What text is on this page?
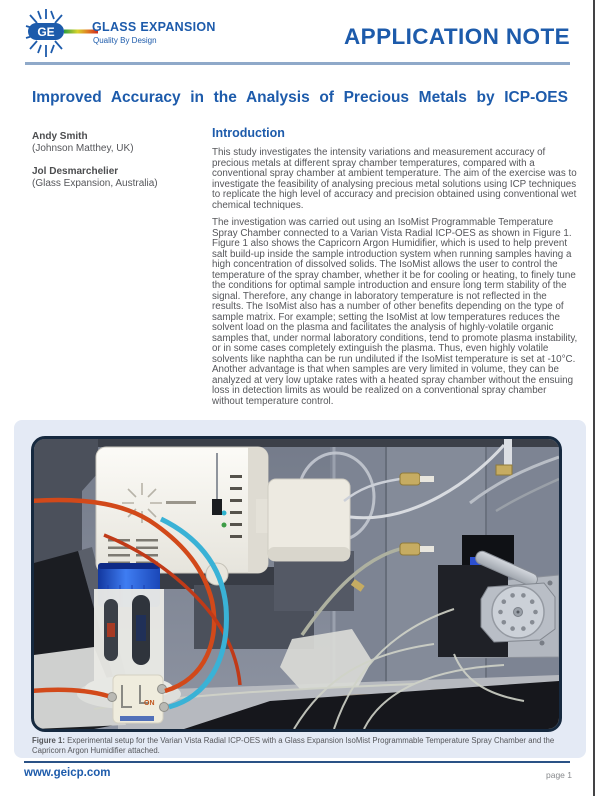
GE	GLASS EXPANSION
Quality By Design	APPLICATION NOTE
Improved Accuracy in the Analysis of Precious Metals by ICP-OES
Andy Smith
(Johnson Matthey, UK)
Jol Desmarchelier
(Glass Expansion, Australia)
Introduction

This study investigates the intensity variations and measurement accuracy of precious metals at different spray chamber temperatures, compared with a conventional spray chamber at ambient temperature. The aim of the exercise was to investigate the feasibility of analysing precious metal solutions using ICP techniques to replicate the high level of accuracy and precision obtained using conventional wet chemical techniques.

The investigation was carried out using an IsoMist Programmable Temperature Spray Chamber connected to a Varian Vista Radial ICP-OES as shown in Figure 1. Figure 1 also shows the Capricorn Argon Humidifier, which is used to help prevent salt build-up inside the sample introduction system when running samples having a high concentration of dissolved solids. The IsoMist allows the user to control the temperature of the spray chamber, whether it be for cooling or heating, to finely tune the conditions for optimal sample introduction and ensure long term stability of the signal. Therefore, any change in laboratory temperature is not reflected in the results. The IsoMist also has a number of other benefits depending on the type of sample matrix. For example; setting the IsoMist at low temperatures reduces the solvent load on the plasma and facilitates the analysis of highly-volatile organic samples that, under normal laboratory conditions, tend to promote plasma instability, or in some cases completely extinguish the plasma. Thus, even highly volatile solvents like naphtha can be run undiluted if the IsoMist temperature is set at -10°C. Another advantage is that when samples are very limited in volume, they can be analyzed at very low uptake rates with a heated spray chamber without the ensuing loss in detection limits as would be realized on a conventional spray chamber without temperature control.

ON
Figure 1: Experimental setup for the Varian Vista Radial ICP-OES with a Glass Expansion IsoMist Programmable Temperature Spray Chamber and the Capricorn Argon Humidifier attached.
www.geicp.com	page 1
